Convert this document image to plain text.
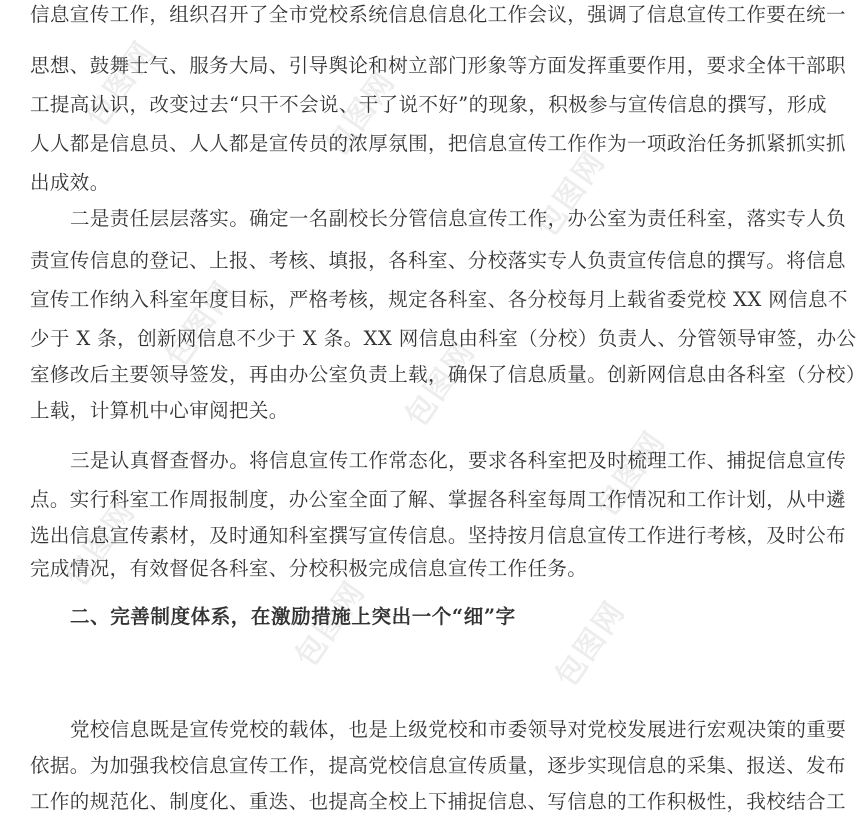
包图网	包图网
包图网
包图网
包图网
包图网
包图网
包图网	包图网
信息宣传工作，组织召开了全市党校系统信息信息化工作会议，强调了信息宣传工作要在统一
思想、鼓舞士气、服务大局、引导舆论和树立部门形象等方面发挥重要作用，要求全体干部职
工提高认识，改变过去“只干不会说、干了说不好”的现象，积极参与宣传信息的撰写，形成
人人都是信息员、人人都是宣传员的浓厚氛围，把信息宣传工作作为一项政治任务抓紧抓实抓
出成效。
二是责任层层落实。确定一名副校长分管信息宣传工作，办公室为责任科室，落实专人负
责宣传信息的登记、上报、考核、填报，各科室、分校落实专人负责宣传信息的撰写。将信息
宣传工作纳入科室年度目标，严格考核，规定各科室、各分校每月上载省委党校 XX 网信息不
少于 X 条，创新网信息不少于 X 条。XX 网信息由科室（分校）负责人、分管领导审签，办公
室修改后主要领导签发，再由办公室负责上载，确保了信息质量。创新网信息由各科室（分校）
上载，计算机中心审阅把关。
三是认真督查督办。将信息宣传工作常态化，要求各科室把及时梳理工作、捕捉信息宣传
点。实行科室工作周报制度，办公室全面了解、掌握各科室每周工作情况和工作计划，从中遴
选出信息宣传素材，及时通知科室撰写宣传信息。坚持按月信息宣传工作进行考核，及时公布
完成情况，有效督促各科室、分校积极完成信息宣传工作任务。
二、完善制度体系，在激励措施上突出一个“细”字
党校信息既是宣传党校的载体，也是上级党校和市委领导对党校发展进行宏观决策的重要
依据。为加强我校信息宣传工作，提高党校信息宣传质量，逐步实现信息的采集、报送、发布
工作的规范化、制度化、重迭、也提高全校上下捕捉信息、写信息的工作积极性，我校结合工
